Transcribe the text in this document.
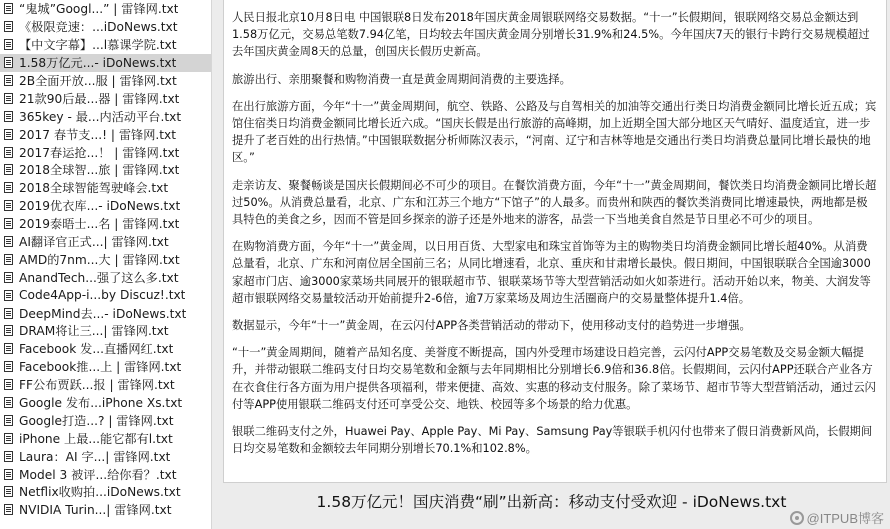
“鬼城”Googl...” | 雷锋网.txt
《极限竞速：...iDoNews.txt
【中文字幕】...l慕课学院.txt
1.58万亿元...- iDoNews.txt
2B全面开放...服 | 雷锋网.txt
21款90后最...器 | 雷锋网.txt
365key - 最...内活动平台.txt
2017 春节支...! | 雷锋网.txt
2017春运抢...！ | 雷锋网.txt
2018全球智...旅 | 雷锋网.txt
2018全球智能驾驶峰会.txt
2019优衣库...- iDoNews.txt
2019泰晤士...名 | 雷锋网.txt
AI翻译官正式...| 雷锋网.txt
AMD的7nm...大 | 雷锋网.txt
AnandTech...强了这么多.txt
Code4App-i...by Discuz!.txt
DeepMind去...- iDoNews.txt
DRAM将让三...| 雷锋网.txt
Facebook 发...直播网红.txt
Facebook推...上 | 雷锋网.txt
FF公布贾跃...报 | 雷锋网.txt
Google 发布...iPhone Xs.txt
Google打造...? | 雷锋网.txt
iPhone 上最...能它都有l.txt
Laura：AI 字...| 雷锋网.txt
Model 3 被评...给你看？.txt
Netflix收购拍...iDoNews.txt
NVIDIA Turin...| 雷锋网.txt

人民日报北京10月8日电 中国银联8日发布2018年国庆黄金周银联网络交易数据。“十一”长假期间，银联网络交易总金额达到1.58万亿元，交易总笔数7.94亿笔，日均较去年国庆黄金周分别增长31.9%和24.5%。今年国庆7天的银行卡跨行交易规模超过去年国庆黄金周8天的总量，创国庆长假历史新高。

旅游出行、亲朋聚餐和购物消费一直是黄金周期间消费的主要选择。

在出行旅游方面，今年“十一”黄金周期间，航空、铁路、公路及与自驾相关的加油等交通出行类日均消费金额同比增长近五成；宾馆住宿类日均消费金额同比增长近六成。“国庆长假是出行旅游的高峰期，加上近期全国大部分地区天气晴好、温度适宜，进一步提升了老百姓的出行热情。”中国银联数据分析师陈汉表示，“河南、辽宁和吉林等地是交通出行类日均消费总量同比增长最快的地区。”

走亲访友、聚餐畅谈是国庆长假期间必不可少的项目。在餐饮消费方面，今年“十一”黄金周期间，餐饮类日均消费金额同比增长超过50%。从消费总量看，北京、广东和江苏三个地方“下馆子”的人最多。而贵州和陕西的餐饮类消费同比增速最快，两地都是极具特色的美食之乡，因而不管是回乡探亲的游子还是外地来的游客，品尝一下当地美食自然是节日里必不可少的项目。

在购物消费方面，今年“十一”黄金周，以日用百货、大型家电和珠宝首饰等为主的购物类日均消费金额同比增长超40%。从消费总量看，北京、广东和河南位居全国前三名；从同比增速看，北京、重庆和甘肃增长最快。假日期间，中国银联联合全国逾3000家超市门店、逾3000家菜场共同展开的银联超市节、银联菜场节等大型营销活动如火如荼进行。活动开始以来，物美、大润发等超市银联网络交易量较活动开始前提升2-6倍，逾7万家菜场及周边生活圈商户的交易量整体提升1.4倍。

数据显示，今年“十一”黄金周，在云闪付APP各类营销活动的带动下，使用移动支付的趋势进一步增强。

“十一”黄金周期间，随着产品知名度、美誉度不断提高，国内外受理市场建设日趋完善，云闪付APP交易笔数及交易金额大幅提升，并带动银联二维码支付日均交易笔数和金额与去年同期相比分别增长6.9倍和36.8倍。长假期间，云闪付APP还联合产业各方在衣食住行各方面为用户提供各项福利，带来便捷、高效、实惠的移动支付服务。除了菜场节、超市节等大型营销活动，通过云闪付等APP使用银联二维码支付还可享受公交、地铁、校园等多个场景的给力优惠。

银联二维码支付之外，Huawei Pay、Apple Pay、Mi Pay、Samsung Pay等银联手机闪付也带来了假日消费新风尚，长假期间日均交易笔数和金额较去年同期分别增长70.1%和102.8%。

1.58万亿元！国庆消费“刷”出新高：移动支付受欢迎 - iDoNews.txt
@ITPUB博客
